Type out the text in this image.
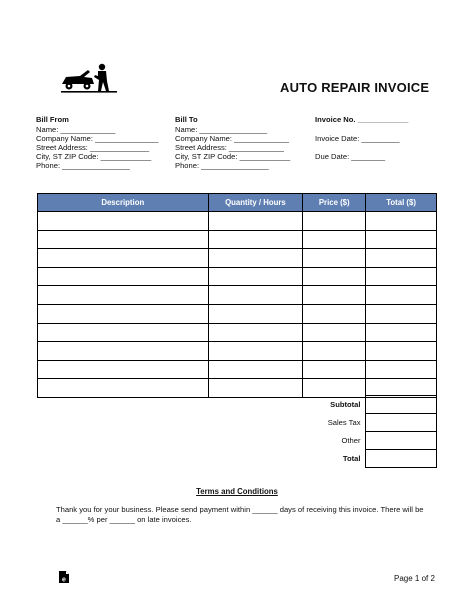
AUTO REPAIR INVOICE
Bill From
Name: _____________
Company Name: _______________
Street Address: ______________
City, ST ZIP Code: ____________
Phone: ________________
Bill To
Name: ________________
Company Name: _____________
Street Address: _____________
City, ST ZIP Code: ____________
Phone: ________________
Invoice No. ____________
Invoice Date: _________
Due Date: ________
Description	Quantity / Hours	Price ($)	Total ($)

Subtotal	
Sales Tax	
Other	
Total	
Terms and Conditions
Thank you for your business. Please send payment within ______ days of receiving this invoice. There will be a ______% per ______ on late invoices.
e	Page 1 of 2
